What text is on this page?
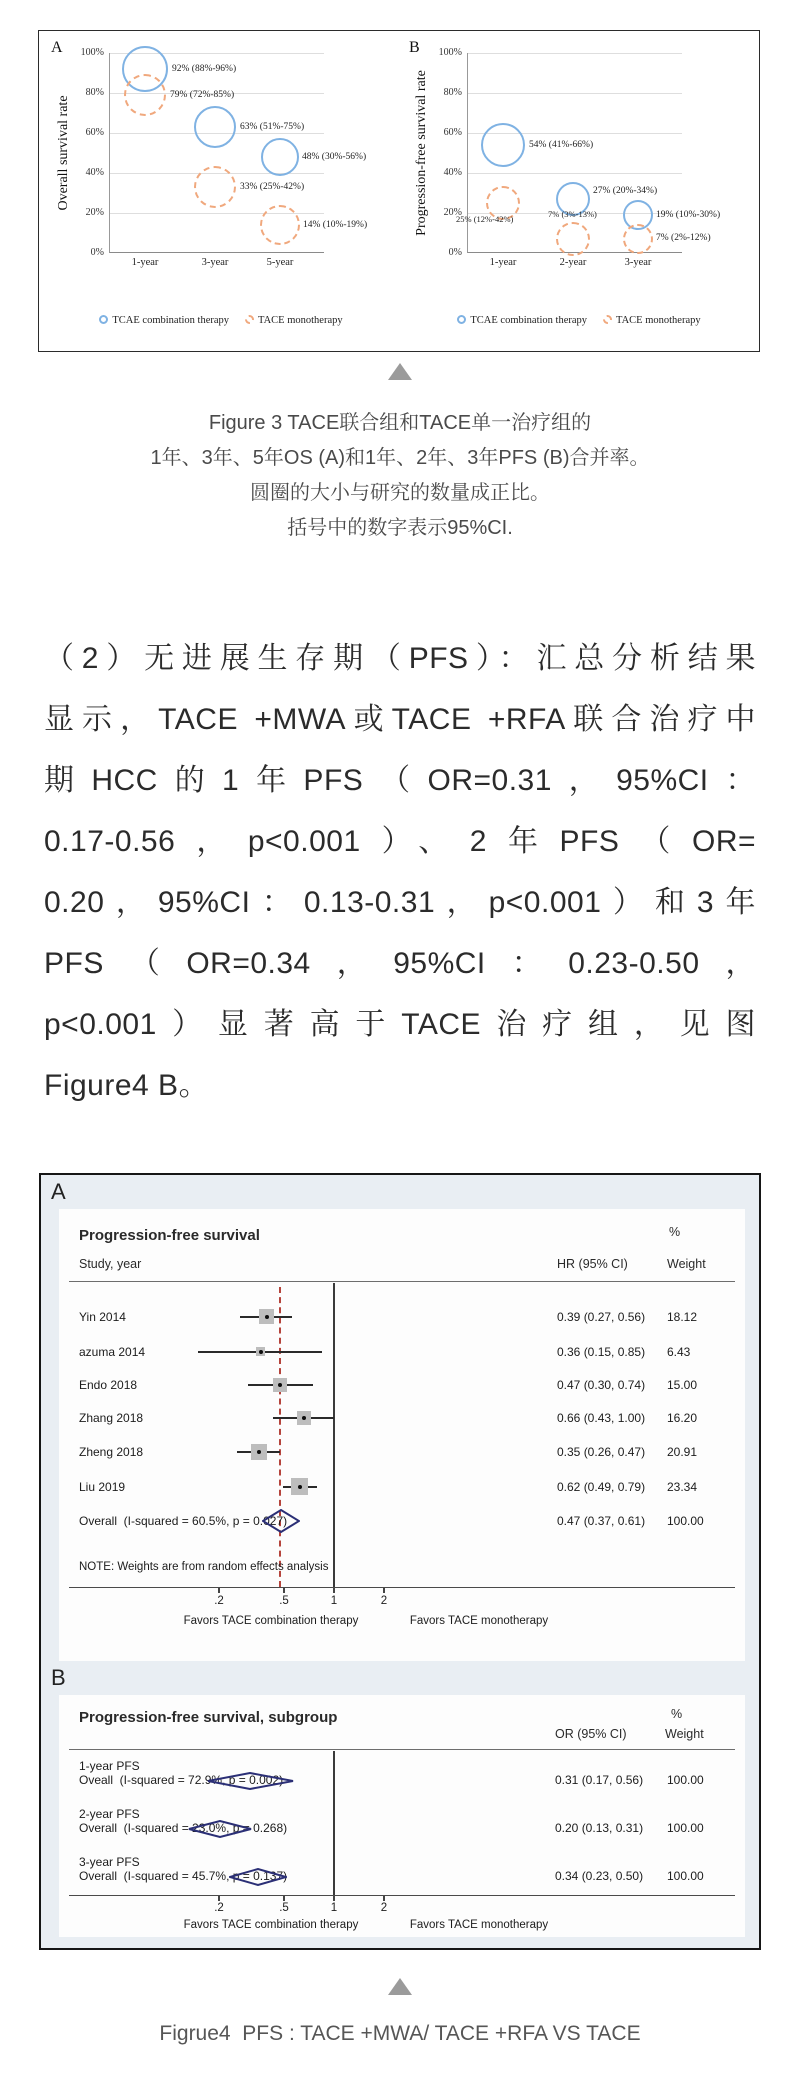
A
Overall survival rate
100%
80%
60%
40%
20%
0%
92% (88%-96%)
79% (72%-85%)
63% (51%-75%)
33% (25%-42%)
48% (30%-56%)
14% (10%-19%)
1-year	3-year	5-year
TCAE combination therapy	TACE monotherapy
B
Progression-free survival rate
100%
80%
60%
40%
20%
0%
54% (41%-66%)
27% (20%-34%)
19% (10%-30%)
25% (12%-42%)	7% (3%-13%)
7% (2%-12%)
1-year	2-year	3-year
TCAE combination therapy	TACE monotherapy
Figure 3 TACE联合组和TACE单一治疗组的
1年、3年、5年OS (A)和1年、2年、3年PFS (B)合并率。
圆圈的大小与研究的数量成正比。
括号中的数字表示95%CI.
（2）无进展生存期（PFS）：汇总分析结果
显示，TACE +MWA或TACE +RFA联合治疗中
期HCC的1年PFS（OR=0.31，95%CI：
0.17-0.56，p<0.001）、2年PFS（OR=
0.20，95%CI：0.13-0.31，p<0.001）和3年
PFS（OR=0.34，95%CI：0.23-0.50，
p<0.001）显著高于TACE治疗组，见图
Figure4 B。
A
Progression-free survival	%
Study, year	HR (95% CI)	Weight
Yin 2014	0.39 (0.27, 0.56) 18.12
azuma 2014	0.36 (0.15, 0.85) 6.43
Endo 2018	0.47 (0.30, 0.74) 15.00
Zhang 2018	0.66 (0.43, 1.00) 16.20
Zheng 2018	0.35 (0.26, 0.47) 20.91
Liu 2019	0.62 (0.49, 0.79) 23.34
Overall  (I-squared = 60.5%, p = 0.027)	0.47 (0.37, 0.61) 100.00
NOTE: Weights are from random effects analysis
.2	.5	1	2
Favors TACE combination therapy	Favors TACE monotherapy
B
Progression-free survival, subgroup	%
OR (95% CI)	Weight
1-year PFS
Oveall  (I-squared = 72.9%, p = 0.002)	0.31 (0.17, 0.56) 100.00
2-year PFS
Overall  (I-squared = 23.0%, p = 0.268)	0.20 (0.13, 0.31) 100.00
3-year PFS
Overall  (I-squared = 45.7%, p = 0.137)	0.34 (0.23, 0.50) 100.00
.2	.5	1	2
Favors TACE combination therapy	Favors TACE monotherapy
Figrue4  PFS : TACE +MWA/ TACE +RFA VS TACE
